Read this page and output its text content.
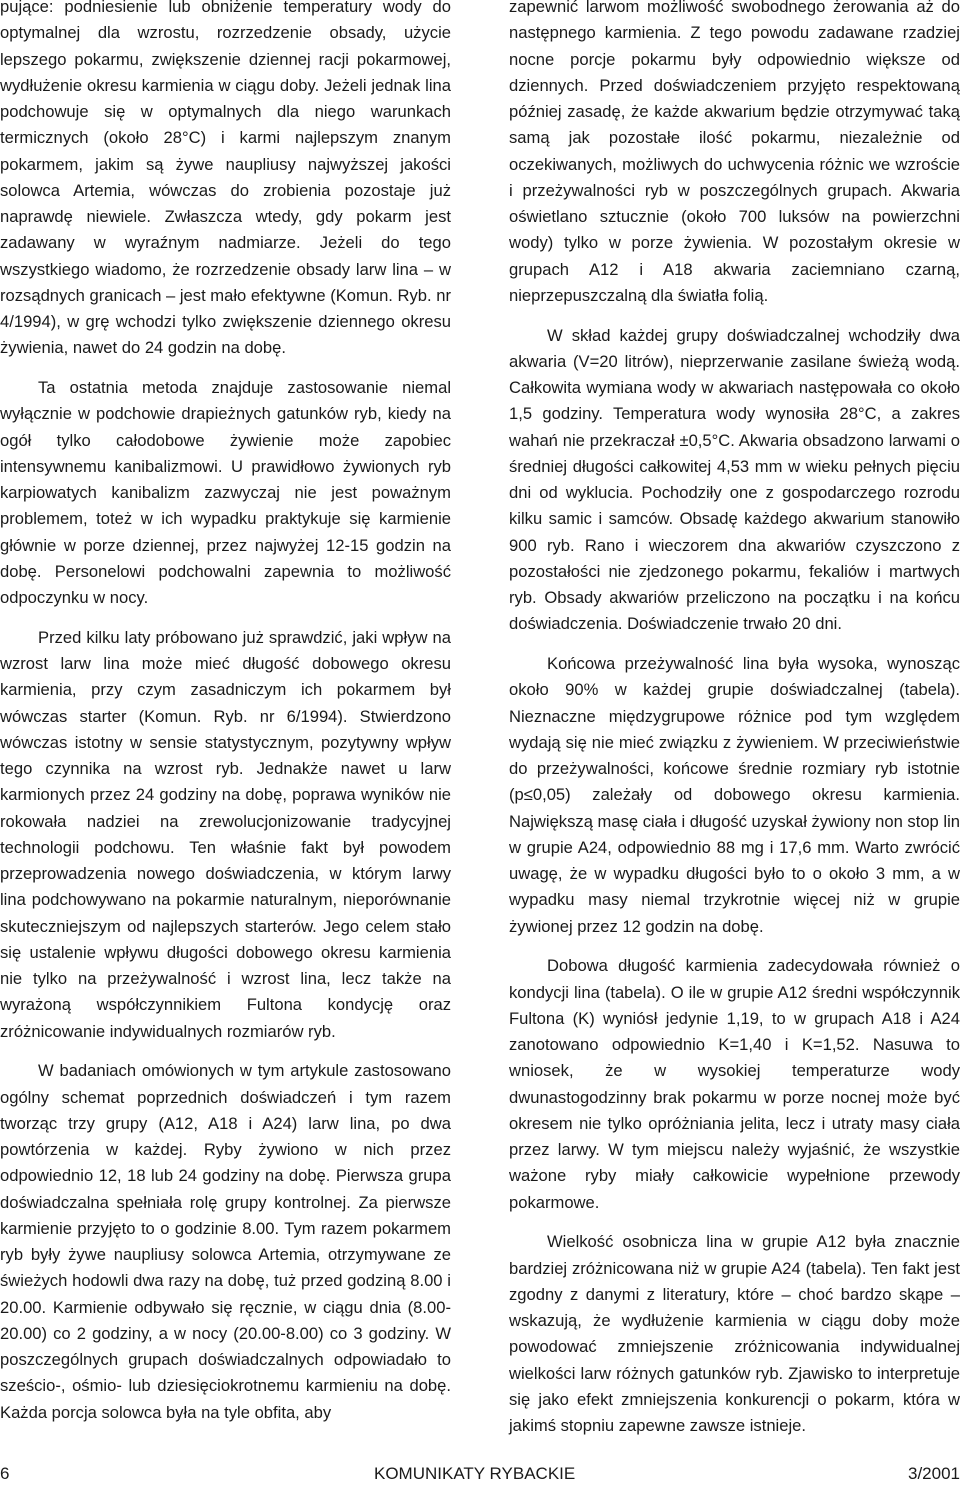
pujące: podniesienie lub obniżenie temperatury wody do optymalnej dla wzrostu, rozrzedzenie obsady, użycie lepszego pokarmu, zwiększenie dziennej racji pokarmowej, wydłużenie okresu karmienia w ciągu doby. Jeżeli jednak lina podchowuje się w optymalnych dla niego warunkach termicznych (około 28°C) i karmi najlepszym znanym pokarmem, jakim są żywe naupliusy najwyższej jakości solowca Artemia, wówczas do zrobienia pozostaje już naprawdę niewiele. Zwłaszcza wtedy, gdy pokarm jest zadawany w wyraźnym nadmiarze. Jeżeli do tego wszystkiego wiadomo, że rozrzedzenie obsady larw lina – w rozsądnych granicach – jest mało efektywne (Komun. Ryb. nr 4/1994), w grę wchodzi tylko zwiększenie dziennego okresu żywienia, nawet do 24 godzin na dobę.

Ta ostatnia metoda znajduje zastosowanie niemal wyłącznie w podchowie drapieżnych gatunków ryb, kiedy na ogół tylko całodobowe żywienie może zapobiec intensywnemu kanibalizmowi. U prawidłowo żywionych ryb karpiowatych kanibalizm zazwyczaj nie jest poważnym problemem, toteż w ich wypadku praktykuje się karmienie głównie w porze dziennej, przez najwyżej 12-15 godzin na dobę. Personelowi podchowalni zapewnia to możliwość odpoczynku w nocy.

Przed kilku laty próbowano już sprawdzić, jaki wpływ na wzrost larw lina może mieć długość dobowego okresu karmienia, przy czym zasadniczym ich pokarmem był wówczas starter (Komun. Ryb. nr 6/1994). Stwierdzono wówczas istotny w sensie statystycznym, pozytywny wpływ tego czynnika na wzrost ryb. Jednakże nawet u larw karmionych przez 24 godziny na dobę, poprawa wyników nie rokowała nadziei na zrewolucjonizowanie tradycyjnej technologii podchowu. Ten właśnie fakt był powodem przeprowadzenia nowego doświadczenia, w którym larwy lina podchowywano na pokarmie naturalnym, nieporównanie skuteczniejszym od najlepszych starterów. Jego celem stało się ustalenie wpływu długości dobowego okresu karmienia nie tylko na przeżywalność i wzrost lina, lecz także na wyrażoną współczynnikiem Fultona kondycję oraz zróżnicowanie indywidualnych rozmiarów ryb.

W badaniach omówionych w tym artykule zastosowano ogólny schemat poprzednich doświadczeń i tym razem tworząc trzy grupy (A12, A18 i A24) larw lina, po dwa powtórzenia w każdej. Ryby żywiono w nich przez odpowiednio 12, 18 lub 24 godziny na dobę. Pierwsza grupa doświadczalna spełniała rolę grupy kontrolnej. Za pierwsze karmienie przyjęto to o godzinie 8.00. Tym razem pokarmem ryb były żywe naupliusy solowca Artemia, otrzymywane ze świeżych hodowli dwa razy na dobę, tuż przed godziną 8.00 i 20.00. Karmienie odbywało się ręcznie, w ciągu dnia (8.00-20.00) co 2 godziny, a w nocy (20.00-8.00) co 3 godziny. W poszczególnych grupach doświadczalnych odpowiadało to sześcio-, ośmio- lub dziesięciokrotnemu karmieniu na dobę. Każda porcja solowca była na tyle obfita, aby

zapewnić larwom możliwość swobodnego żerowania aż do następnego karmienia. Z tego powodu zadawane rzadziej nocne porcje pokarmu były odpowiednio większe od dziennych. Przed doświadczeniem przyjęto respektowaną później zasadę, że każde akwarium będzie otrzymywać taką samą jak pozostałe ilość pokarmu, niezależnie od oczekiwanych, możliwych do uchwycenia różnic we wzroście i przeżywalności ryb w poszczególnych grupach. Akwaria oświetlano sztucznie (około 700 luksów na powierzchni wody) tylko w porze żywienia. W pozostałym okresie w grupach A12 i A18 akwaria zaciemniano czarną, nieprzepuszczalną dla światła folią.

W skład każdej grupy doświadczalnej wchodziły dwa akwaria (V=20 litrów), nieprzerwanie zasilane świeżą wodą. Całkowita wymiana wody w akwariach następowała co około 1,5 godziny. Temperatura wody wynosiła 28°C, a zakres wahań nie przekraczał ±0,5°C. Akwaria obsadzono larwami o średniej długości całkowitej 4,53 mm w wieku pełnych pięciu dni od wyklucia. Pochodziły one z gospodarczego rozrodu kilku samic i samców. Obsadę każdego akwarium stanowiło 900 ryb. Rano i wieczorem dna akwariów czyszczono z pozostałości nie zjedzonego pokarmu, fekaliów i martwych ryb. Obsady akwariów przeliczono na początku i na końcu doświadczenia. Doświadczenie trwało 20 dni.

Końcowa przeżywalność lina była wysoka, wynosząc około 90% w każdej grupie doświadczalnej (tabela). Nieznaczne międzygrupowe różnice pod tym względem wydają się nie mieć związku z żywieniem. W przeciwieństwie do przeżywalności, końcowe średnie rozmiary ryb istotnie (p≤0,05) zależały od dobowego okresu karmienia. Największą masę ciała i długość uzyskał żywiony non stop lin w grupie A24, odpowiednio 88 mg i 17,6 mm. Warto zwrócić uwagę, że w wypadku długości było to o około 3 mm, a w wypadku masy niemal trzykrotnie więcej niż w grupie żywionej przez 12 godzin na dobę.

Dobowa długość karmienia zadecydowała również o kondycji lina (tabela). O ile w grupie A12 średni współczynnik Fultona (K) wyniósł jedynie 1,19, to w grupach A18 i A24 zanotowano odpowiednio K=1,40 i K=1,52. Nasuwa to wniosek, że w wysokiej temperaturze wody dwunastogodzinny brak pokarmu w porze nocnej może być okresem nie tylko opróżniania jelita, lecz i utraty masy ciała przez larwy. W tym miejscu należy wyjaśnić, że wszystkie ważone ryby miały całkowicie wypełnione przewody pokarmowe.

Wielkość osobnicza lina w grupie A12 była znacznie bardziej zróżnicowana niż w grupie A24 (tabela). Ten fakt jest zgodny z danymi z literatury, które – choć bardzo skąpe – wskazują, że wydłużenie karmienia w ciągu doby może powodować zmniejszenie zróżnicowania indywidualnej wielkości larw różnych gatunków ryb. Zjawisko to interpretuje się jako efekt zmniejszenia konkurencji o pokarm, która w jakimś stopniu zapewne zawsze istnieje.

6	KOMUNIKATY RYBACKIE	3/2001
